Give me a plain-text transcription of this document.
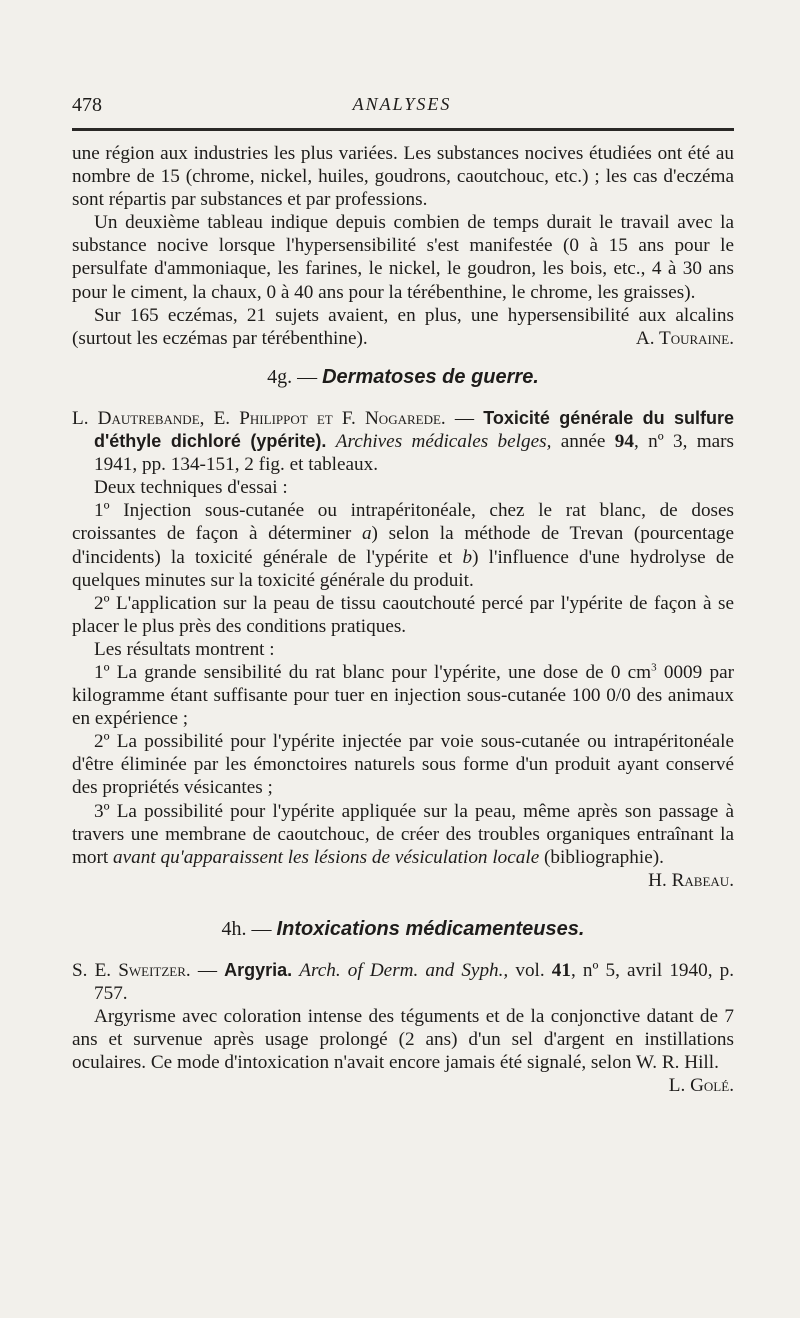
478	ANALYSES

une région aux industries les plus variées. Les substances nocives étudiées ont été au nombre de 15 (chrome, nickel, huiles, goudrons, caoutchouc, etc.) ; les cas d'eczéma sont répartis par substances et par professions.

Un deuxième tableau indique depuis combien de temps durait le travail avec la substance nocive lorsque l'hypersensibilité s'est manifestée (0 à 15 ans pour le persulfate d'ammoniaque, les farines, le nickel, le goudron, les bois, etc., 4 à 30 ans pour le ciment, la chaux, 0 à 40 ans pour la térébenthine, le chrome, les graisses).

Sur 165 eczémas, 21 sujets avaient, en plus, une hypersensibilité aux alcalins (surtout les eczémas par térébenthine).	A. Touraine.

4g. — Dermatoses de guerre.

L. Dautrebande, E. Philippot et F. Nogarede. — Toxicité générale du sulfure d'éthyle dichloré (ypérite). Archives médicales belges, année 94, nº 3, mars 1941, pp. 134-151, 2 fig. et tableaux.

Deux techniques d'essai :

1º Injection sous-cutanée ou intrapéritonéale, chez le rat blanc, de doses croissantes de façon à déterminer a) selon la méthode de Trevan (pourcentage d'incidents) la toxicité générale de l'ypérite et b) l'influence d'une hydrolyse de quelques minutes sur la toxicité générale du produit.

2º L'application sur la peau de tissu caoutchouté percé par l'ypérite de façon à se placer le plus près des conditions pratiques.

Les résultats montrent :

1º La grande sensibilité du rat blanc pour l'ypérite, une dose de 0 $cm^3$ 0009 par kilogramme étant suffisante pour tuer en injection sous-cutanée 100 0/0 des animaux en expérience ;

2º La possibilité pour l'ypérite injectée par voie sous-cutanée ou intrapéritonéale d'être éliminée par les émonctoires naturels sous forme d'un produit ayant conservé des propriétés vésicantes ;

3º La possibilité pour l'ypérite appliquée sur la peau, même après son passage à travers une membrane de caoutchouc, de créer des troubles organiques entraînant la mort avant qu'apparaissent les lésions de vésiculation locale (bibliographie).
H. Rabeau.

4h. — Intoxications médicamenteuses.

S. E. Sweitzer. — Argyria. Arch. of Derm. and Syph., vol. 41, nº 5, avril 1940, p. 757.

Argyrisme avec coloration intense des téguments et de la conjonctive datant de 7 ans et survenue après usage prolongé (2 ans) d'un sel d'argent en instillations oculaires. Ce mode d'intoxication n'avait encore jamais été signalé, selon W. R. Hill.
L. Golé.
